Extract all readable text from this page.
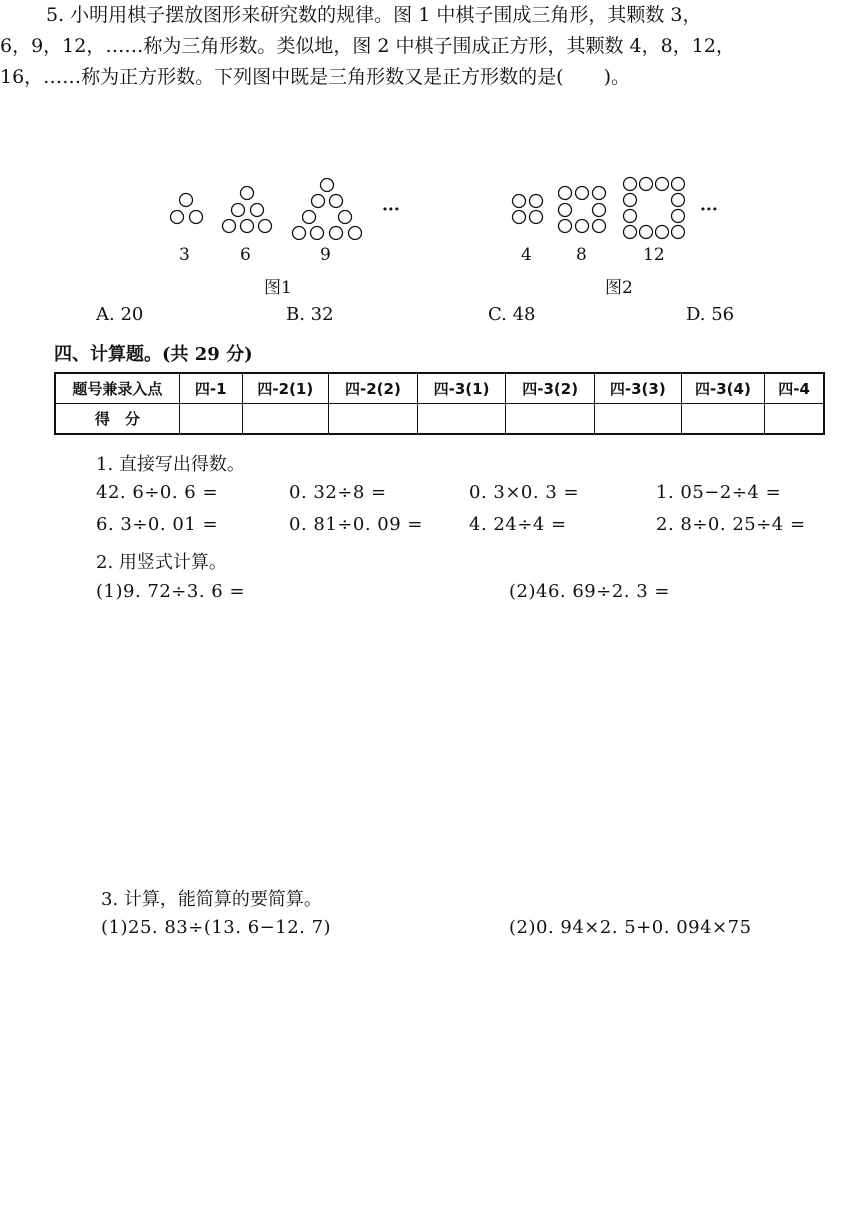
5. 小明用棋子摆放图形来研究数的规律。图 1 中棋子围成三角形，其颗数 3，
6，9，12，……称为三角形数。类似地，图 2 中棋子围成正方形，其颗数 4，8，12，
16，……称为正方形数。下列图中既是三角形数又是正方形数的是( )。
3	6	9
···
图1
4	8	12
···
图2
A. 20	B. 32	C. 48	D. 56
四、计算题。(共 29 分)
题号兼录入点	四-1	四-2(1)	四-2(2)	四-3(1)	四-3(2)	四-3(3)	四-3(4)	四-4
得　分								
1. 直接写出得数。
42. 6÷0. 6 =	0. 32÷8 =	0. 3×0. 3 =	1. 05−2÷4 =
6. 3÷0. 01 =	0. 81÷0. 09 =	4. 24÷4 =	2. 8÷0. 25÷4 =
2. 用竖式计算。
(1)9. 72÷3. 6 =	(2)46. 69÷2. 3 =
3. 计算，能简算的要简算。
(1)25. 83÷(13. 6−12. 7)	(2)0. 94×2. 5+0. 094×75
